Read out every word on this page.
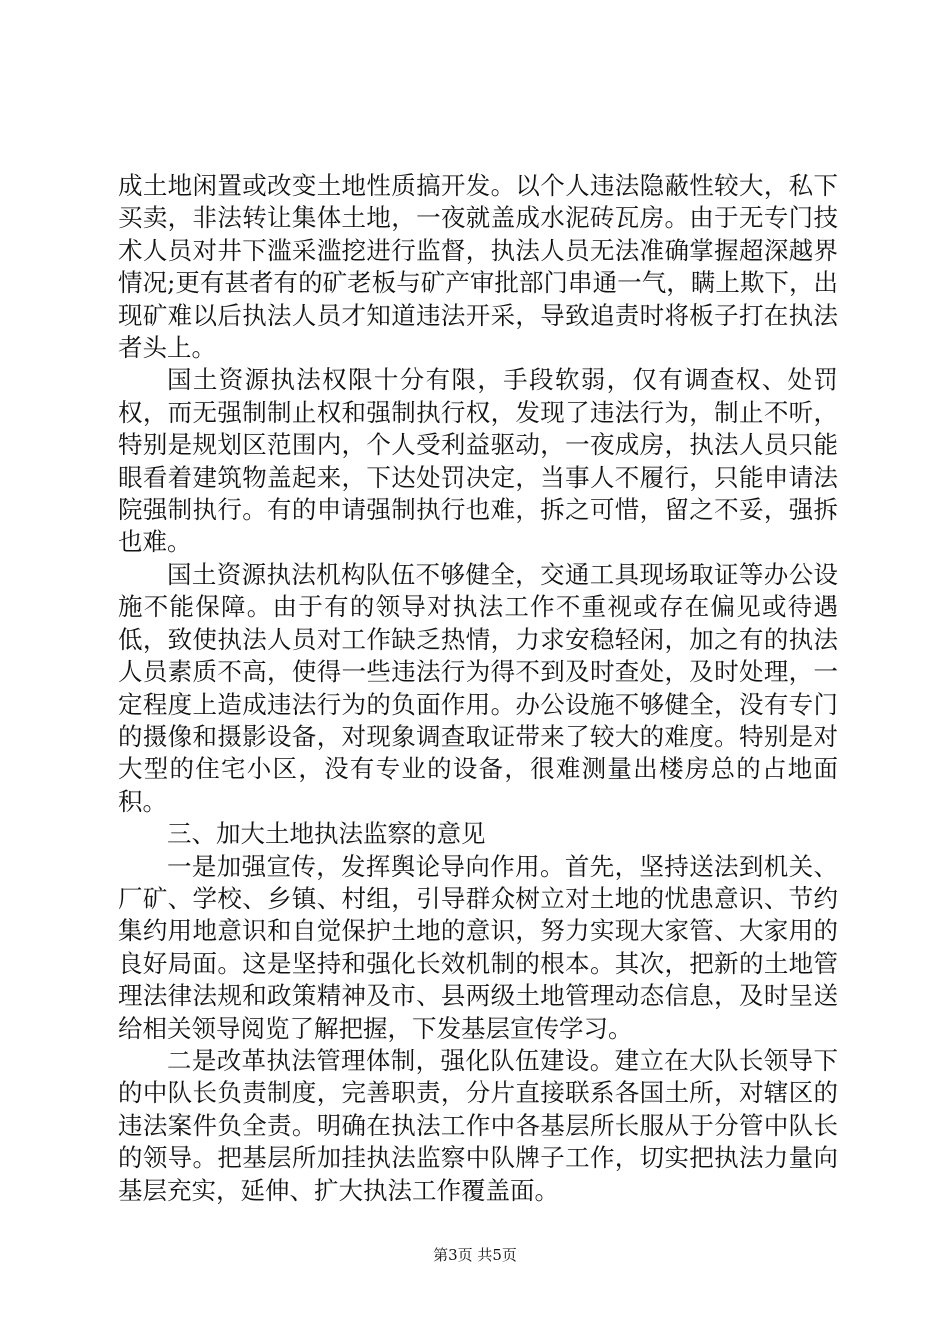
成土地闲置或改变土地性质搞开发。以个人违法隐蔽性较大，私下买卖，非法转让集体土地，一夜就盖成水泥砖瓦房。由于无专门技术人员对井下滥采滥挖进行监督，执法人员无法准确掌握超深越界情况;更有甚者有的矿老板与矿产审批部门串通一气，瞒上欺下，出现矿难以后执法人员才知道违法开采，导致追责时将板子打在执法者头上。

国土资源执法权限十分有限，手段软弱，仅有调查权、处罚权，而无强制制止权和强制执行权，发现了违法行为，制止不听，特别是规划区范围内，个人受利益驱动，一夜成房，执法人员只能眼看着建筑物盖起来，下达处罚决定，当事人不履行，只能申请法院强制执行。有的申请强制执行也难，拆之可惜，留之不妥，强拆也难。

国土资源执法机构队伍不够健全，交通工具现场取证等办公设施不能保障。由于有的领导对执法工作不重视或存在偏见或待遇低，致使执法人员对工作缺乏热情，力求安稳轻闲，加之有的执法人员素质不高，使得一些违法行为得不到及时查处，及时处理，一定程度上造成违法行为的负面作用。办公设施不够健全，没有专门的摄像和摄影设备，对现象调查取证带来了较大的难度。特别是对大型的住宅小区，没有专业的设备，很难测量出楼房总的占地面积。

三、加大土地执法监察的意见

一是加强宣传，发挥舆论导向作用。首先，坚持送法到机关、厂矿、学校、乡镇、村组，引导群众树立对土地的忧患意识、节约集约用地意识和自觉保护土地的意识，努力实现大家管、大家用的良好局面。这是坚持和强化长效机制的根本。其次，把新的土地管理法律法规和政策精神及市、县两级土地管理动态信息，及时呈送给相关领导阅览了解把握，下发基层宣传学习。

二是改革执法管理体制，强化队伍建设。建立在大队长领导下的中队长负责制度，完善职责，分片直接联系各国土所，对辖区的违法案件负全责。明确在执法工作中各基层所长服从于分管中队长的领导。把基层所加挂执法监察中队牌子工作，切实把执法力量向基层充实，延伸、扩大执法工作覆盖面。

第3页 共5页
